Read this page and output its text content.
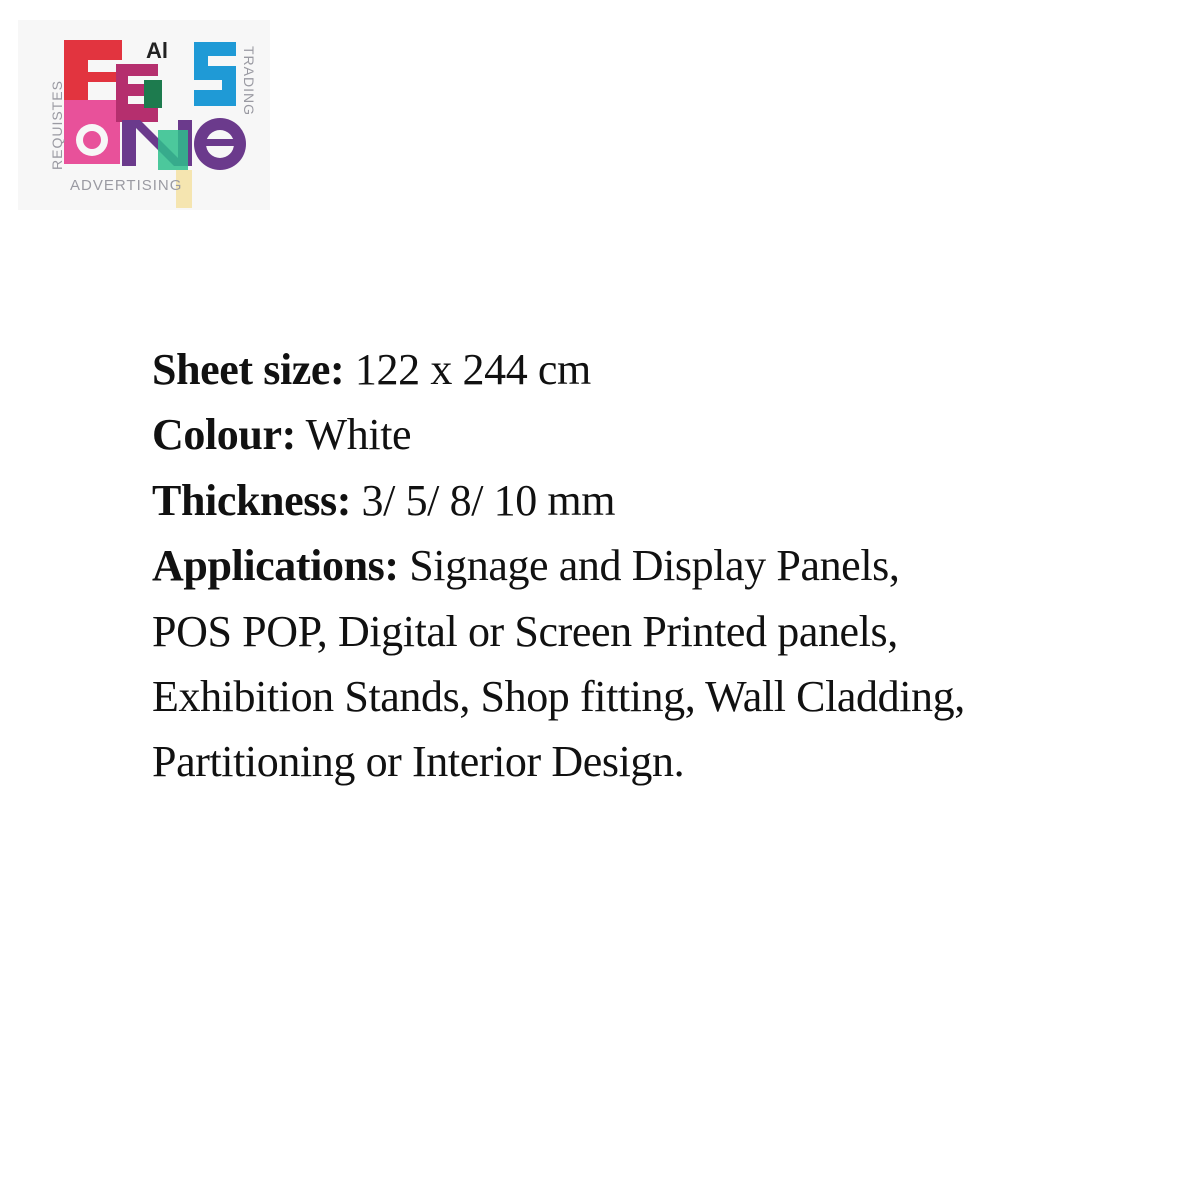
Al
REQUISTES	TRADING
ADVERTISING
Sheet size: 122 x 244 cm
Colour: White
Thickness: 3/ 5/ 8/ 10 mm
Applications: Signage and Display Panels,
POS POP, Digital or Screen Printed panels,
Exhibition Stands, Shop fitting, Wall Cladding,
Partitioning or Interior Design.
